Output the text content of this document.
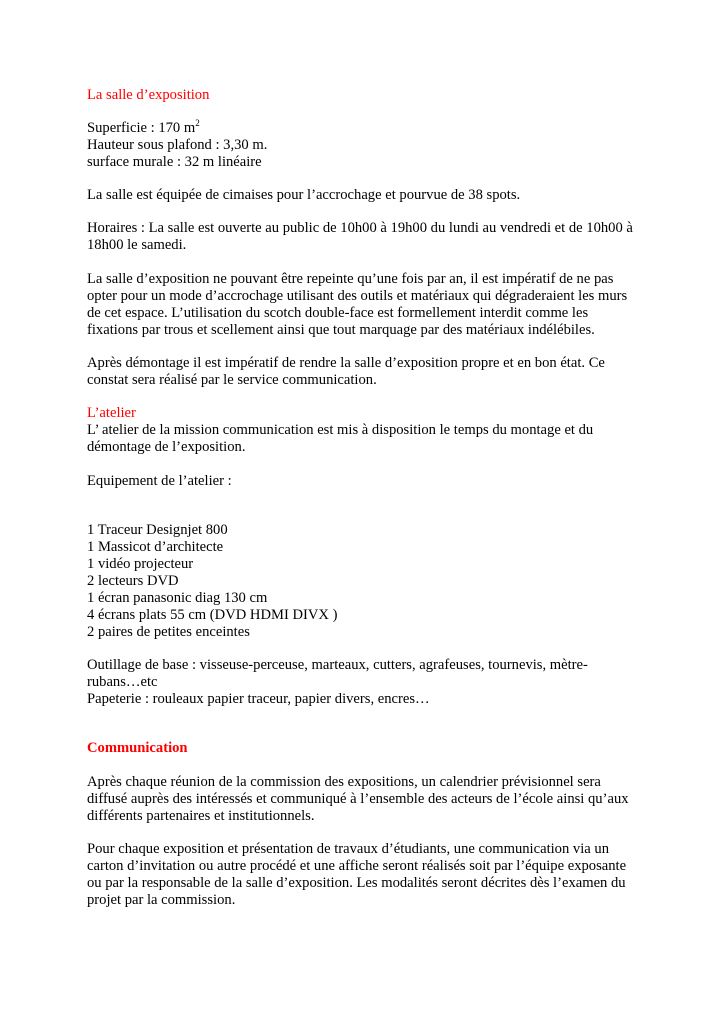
La salle d’exposition
Superficie : 170 $m^2$
Hauteur sous plafond : 3,30 m.
surface murale : 32 m linéaire
La salle est équipée de cimaises pour l’accrochage et pourvue de 38 spots.
Horaires : La salle est ouverte au public de 10h00 à 19h00 du lundi au vendredi et de 10h00 à
18h00 le samedi.
La salle d’exposition ne pouvant être repeinte qu’une fois par an, il est impératif de ne pas
opter pour un mode d’accrochage utilisant des outils et matériaux qui dégraderaient les murs
de cet espace. L’utilisation du scotch double-face est formellement interdit comme les
fixations par trous et scellement ainsi que tout marquage par des matériaux indélébiles.
Après démontage il est impératif de rendre la salle d’exposition propre et en bon état. Ce
constat sera réalisé par le service communication.
L’atelier
L’ atelier de la mission communication est mis à disposition le temps du montage et du
démontage de l’exposition.
Equipement de l’atelier :
1 Traceur Designjet 800
1 Massicot d’architecte
1 vidéo projecteur
2 lecteurs DVD
1 écran panasonic diag 130 cm
4 écrans plats 55 cm (DVD HDMI DIVX )
2 paires de petites enceintes
Outillage de base : visseuse-perceuse, marteaux, cutters, agrafeuses, tournevis, mètre-
rubans…etc
Papeterie : rouleaux papier traceur, papier divers, encres…
Communication
Après chaque réunion de la commission des expositions, un calendrier prévisionnel sera
diffusé auprès des intéressés et communiqué à l’ensemble des acteurs de l’école ainsi qu’aux
différents partenaires et institutionnels.
Pour chaque exposition et présentation de travaux d’étudiants, une communication via un
carton d’invitation ou autre procédé et une affiche seront réalisés soit par l’équipe exposante
ou par la responsable de la salle d’exposition. Les modalités seront décrites dès l’examen du
projet par la commission.
